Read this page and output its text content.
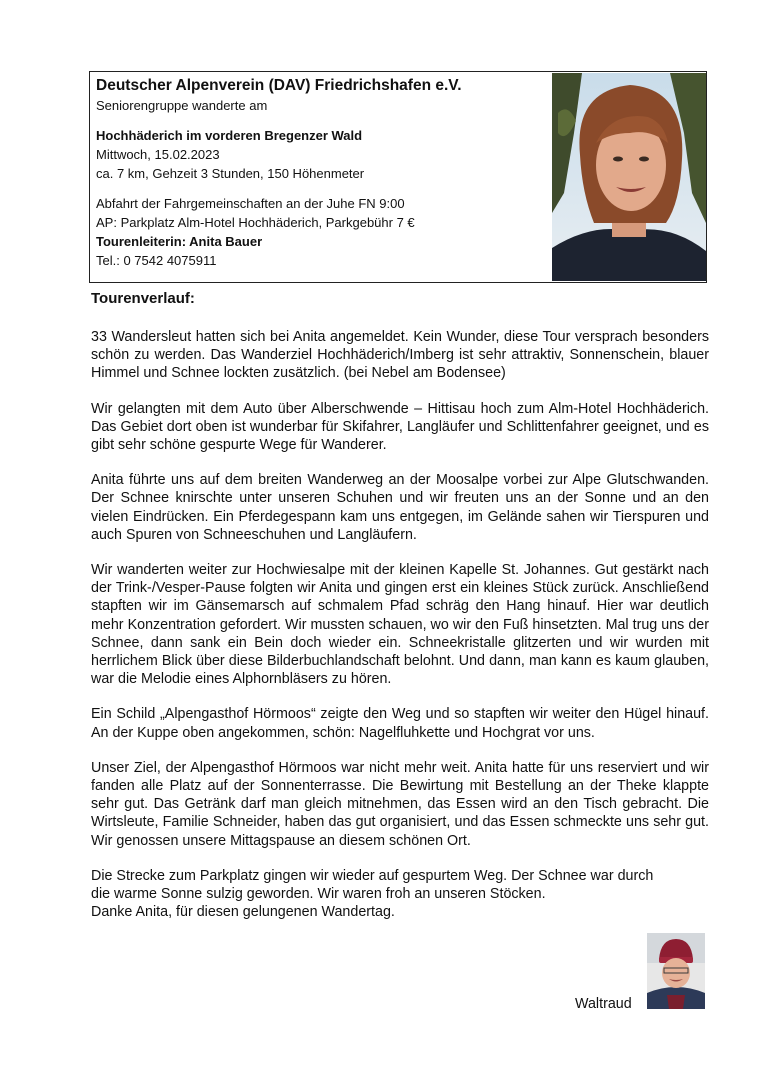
Deutscher Alpenverein (DAV) Friedrichshafen e.V.

Seniorengruppe wanderte am

Hochhäderich im vorderen Bregenzer Wald

Mittwoch, 15.02.2023

ca. 7 km, Gehzeit 3 Stunden, 150 Höhenmeter

Abfahrt der Fahrgemeinschaften an der Juhe FN 9:00

AP: Parkplatz Alm-Hotel Hochhäderich, Parkgebühr 7 €

Tourenleiterin: Anita Bauer

Tel.: 0 7542 4075911

Tourenverlauf:

33 Wandersleut hatten sich bei Anita angemeldet. Kein Wunder, diese Tour versprach besonders schön zu werden. Das Wanderziel Hochhäderich/Imberg ist sehr attraktiv, Sonnenschein, blauer Himmel und Schnee lockten zusätzlich. (bei Nebel am Bodensee)

Wir gelangten mit dem Auto über Alberschwende – Hittisau hoch zum Alm-Hotel Hochhäderich. Das Gebiet dort oben ist wunderbar für Skifahrer, Langläufer und Schlittenfahrer geeignet, und es gibt sehr schöne gespurte Wege für Wanderer.

Anita führte uns auf dem breiten Wanderweg an der Moosalpe vorbei zur Alpe Glutschwanden. Der Schnee knirschte unter unseren Schuhen und wir freuten uns an der Sonne und an den vielen Eindrücken. Ein Pferdegespann kam uns entgegen, im Gelände sahen wir Tierspuren und auch Spuren von Schneeschuhen und Langläufern.

Wir wanderten weiter zur Hochwiesalpe mit der kleinen Kapelle St. Johannes. Gut gestärkt nach der Trink-/Vesper-Pause folgten wir Anita und gingen erst ein kleines Stück zurück. Anschließend stapften wir im Gänsemarsch auf schmalem Pfad schräg den Hang hinauf. Hier war deutlich mehr Konzentration gefordert. Wir mussten schauen, wo wir den Fuß hinsetzten. Mal trug uns der Schnee, dann sank ein Bein doch wieder ein. Schneekristalle glitzerten und wir wurden mit herrlichem Blick über diese Bilderbuchlandschaft belohnt. Und dann, man kann es kaum glauben, war die Melodie eines Alphornbläsers zu hören.

Ein Schild „Alpengasthof Hörmoos“ zeigte den Weg und so stapften wir weiter den Hügel hinauf. An der Kuppe oben angekommen, schön: Nagelfluhkette und Hochgrat vor uns.

Unser Ziel, der Alpengasthof Hörmoos war nicht mehr weit. Anita hatte für uns reserviert und wir fanden alle Platz auf der Sonnenterrasse. Die Bewirtung mit Bestellung an der Theke klappte sehr gut. Das Getränk darf man gleich mitnehmen, das Essen wird an den Tisch gebracht. Die Wirtsleute, Familie Schneider, haben das gut organisiert, und das Essen schmeckte uns sehr gut. Wir genossen unsere Mittagspause an diesem schönen Ort.

Die Strecke zum Parkplatz gingen wir wieder auf gespurtem Weg. Der Schnee war durch
die warme Sonne sulzig geworden. Wir waren froh an unseren Stöcken.
Danke Anita, für diesen gelungenen Wandertag.

Waltraud
